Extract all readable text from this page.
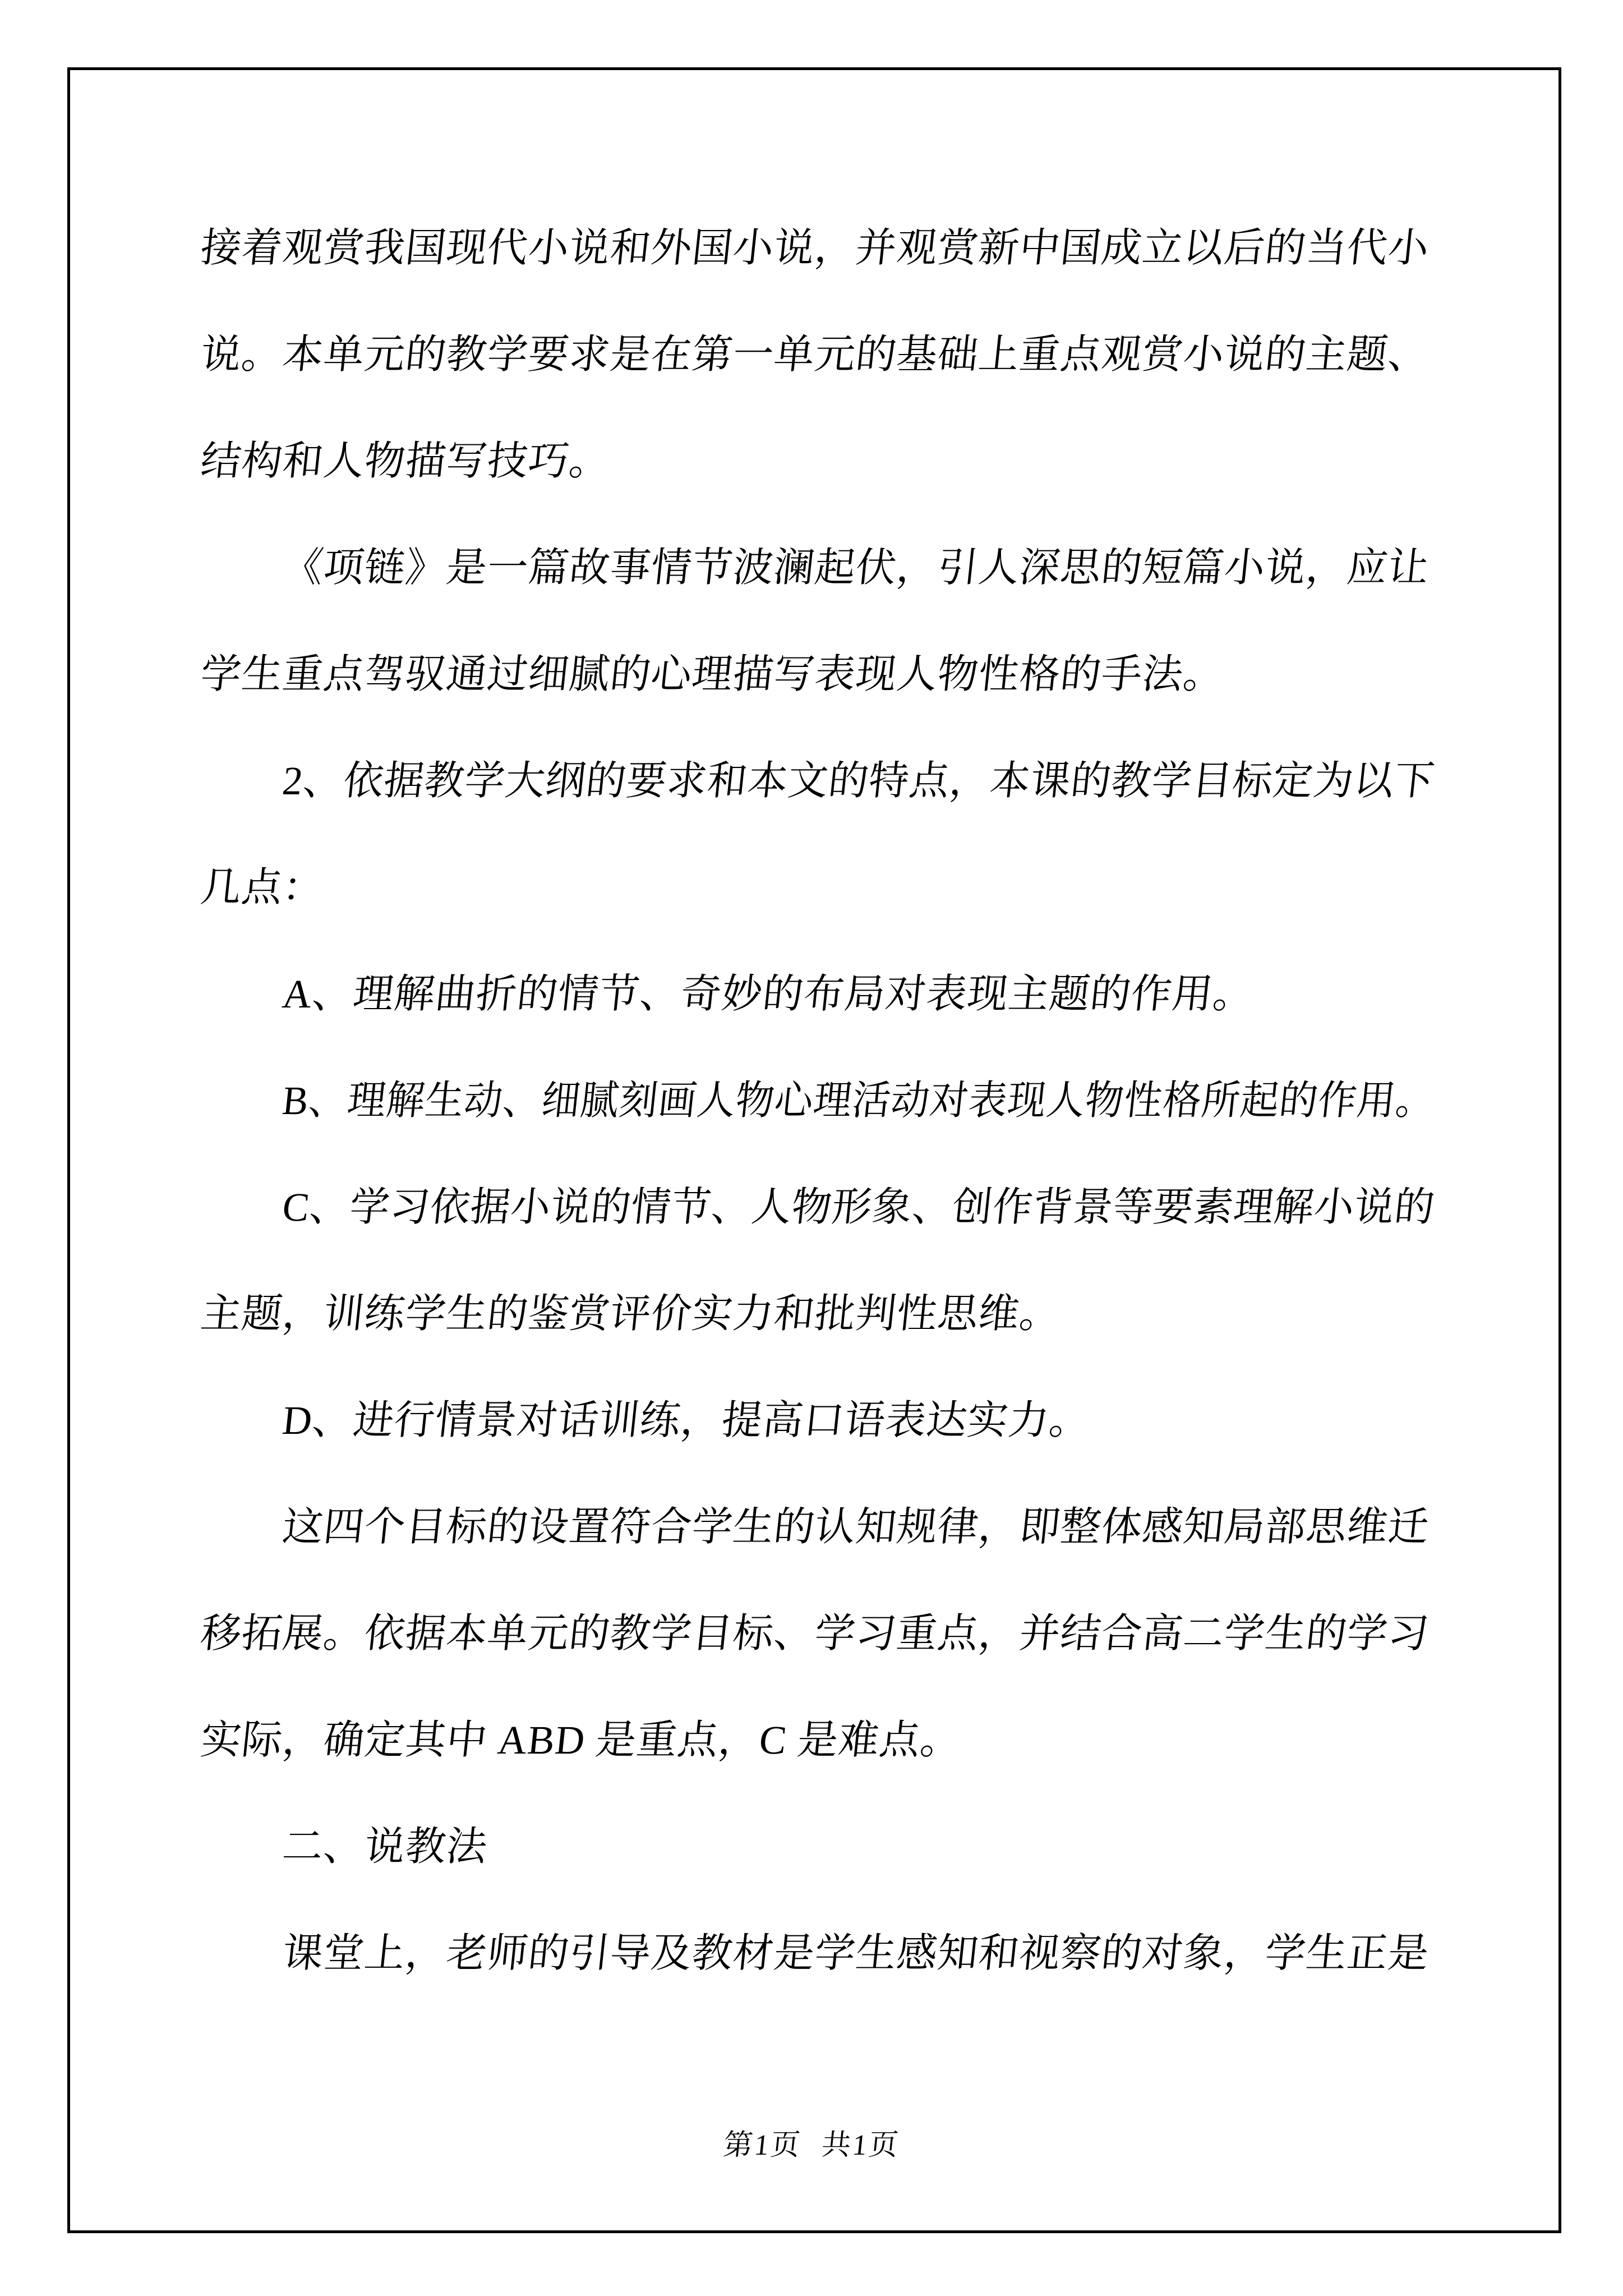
接着观赏我国现代小说和外国小说，并观赏新中国成立以后的当代小
说。本单元的教学要求是在第一单元的基础上重点观赏小说的主题、
结构和人物描写技巧。
《项链》是一篇故事情节波澜起伏，引人深思的短篇小说，应让
学生重点驾驭通过细腻的心理描写表现人物性格的手法。
2、依据教学大纲的要求和本文的特点，本课的教学目标定为以下
几点：
A、理解曲折的情节、奇妙的布局对表现主题的作用。
B、理解生动、细腻刻画人物心理活动对表现人物性格所起的作用。
C、学习依据小说的情节、人物形象、创作背景等要素理解小说的
主题，训练学生的鉴赏评价实力和批判性思维。
D、进行情景对话训练，提高口语表达实力。
这四个目标的设置符合学生的认知规律，即整体感知局部思维迁
移拓展。依据本单元的教学目标、学习重点，并结合高二学生的学习
实际，确定其中 ABD 是重点，C 是难点。
二、说教法
课堂上，老师的引导及教材是学生感知和视察的对象，学生正是
第1页 共1页
